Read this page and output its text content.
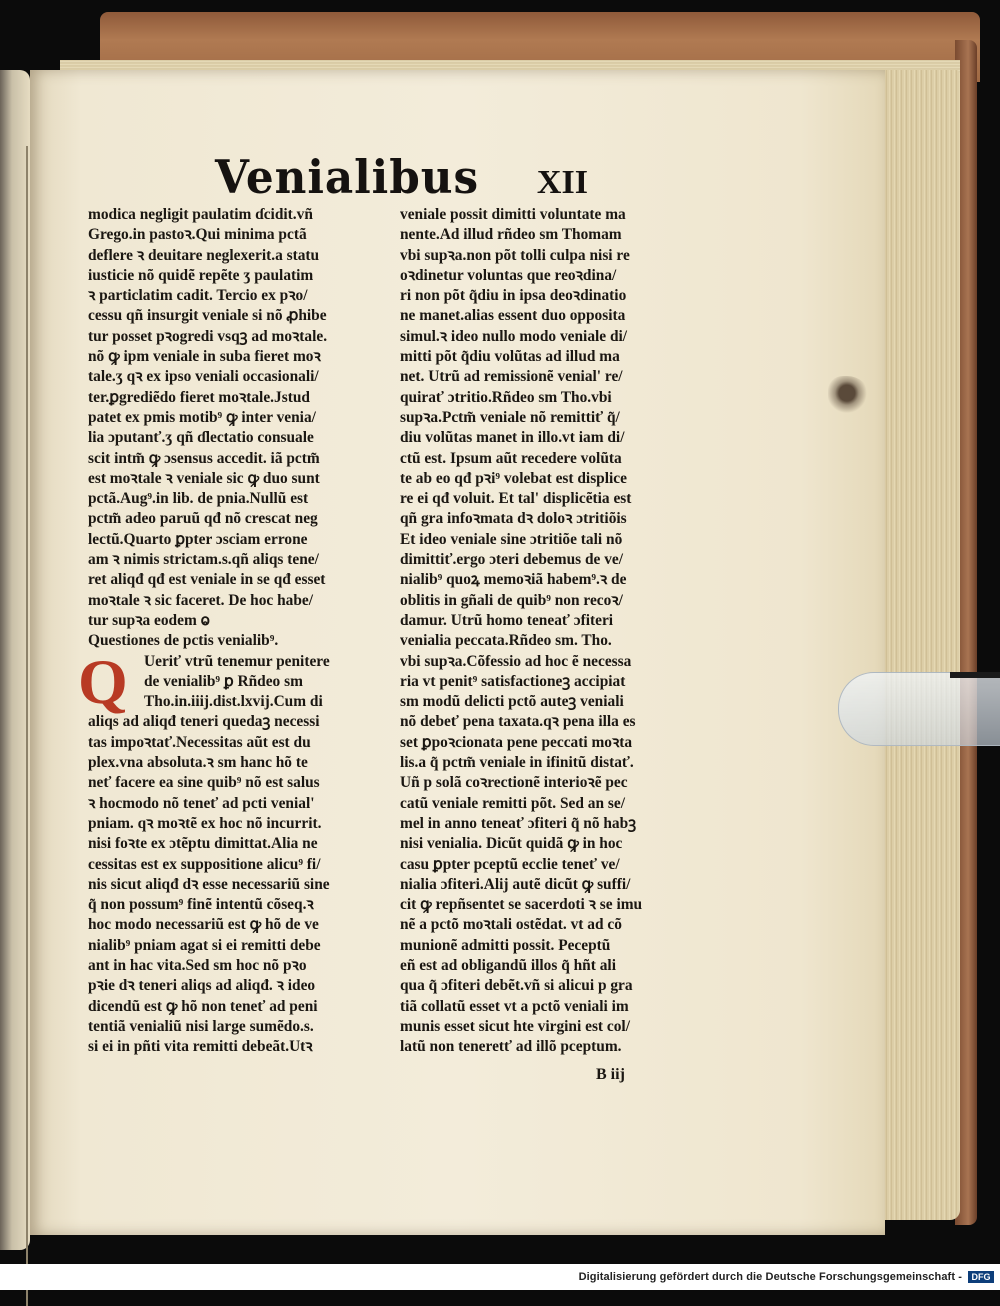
Venialibus XII
Q
modica negligit paulatim ɗcidit.vñ
Grego.in pastoꝛ.Qui minima pctã
deflere ꝛ deuitare neglexerit.a statu
iusticie nõ quidẽ repẽte ʒ paulatim
ꝛ particlatim cadit. Tercio ex pꝛo/
cessu qñ insurgit veniale si nõ ꝓhibe
tur posset pꝛogredi vsqꝫ ad moꝛtale.
nõ ꝙ ipm veniale in suba fieret moꝛ
tale.ʒ qꝛ ex ipso veniali occasionali/
ter.ꝑgrediẽdo fieret moꝛtale.Jstud
patet ex pmis motib⁹ ꝙ inter venia/
lia ɔputanť.ʒ qñ ɗlectatio consuale
scit intm̃ ꝙ ɔsensus accedit. iã pctm̃
est moꝛtale ꝛ veniale sic ꝙ duo sunt
pctã.Aug⁹.in lib. de pnia.Nullũ est
pctm̃ adeo paruũ qđ nõ crescat neg
lectũ.Quarto ꝑpter ɔsciam errone
am ꝛ nimis strictam.s.qñ aliqs tene/
ret aliqđ qđ est veniale in se qđ esset
moꝛtale ꝛ sic faceret. De hoc habe/
tur supꝛa eodem ⱺ
Questiones de pctis venialib⁹.
Ueriť vtrũ tenemur penitere
de venialib⁹ ꝑ Rñdeo sm
Tho.in.iiij.dist.lxvij.Cum di
aliqs ad aliqđ teneri quedaꝫ necessi
tas impoꝛtať.Necessitas aũt est du
plex.vna absoluta.ꝛ sm hanc hõ te
neť facere ea sine quib⁹ nõ est salus
ꝛ hocmodo nõ teneť ad pcti venial'
pniam. qꝛ moꝛtẽ ex hoc nõ incurrit.
nisi foꝛte ex ɔtẽptu dimittat.Alia ne
cessitas est ex suppositione alicu⁹ fi/
nis sicut aliqđ dꝛ esse necessariũ sine
q̃ non possum⁹ finẽ intentũ cõseq.ꝛ
hoc modo necessariũ est ꝙ hõ de ve
nialib⁹ pniam agat si ei remitti debe
ant in hac vita.Sed sm hoc nõ pꝛo
pꝛie dꝛ teneri aliqs ad aliqđ. ꝛ ideo
dicendũ est ꝙ hõ non teneť ad peni
tentiã venialiũ nisi large sumẽdo.s.
si ei in pñti vita remitti debeãt.Utꝛ
veniale possit dimitti voluntate ma
nente.Ad illud rñdeo sm Thomam
vbi supꝛa.non põt tolli culpa nisi re
oꝛdinetur voluntas que reoꝛdina/
ri non põt q̃diu in ipsa deoꝛdinatio
ne manet.alias essent duo opposita
simul.ꝛ ideo nullo modo veniale di/
mitti põt q̃diu volũtas ad illud ma
net. Utrũ ad remissionẽ venial' re/
quirať ɔtritio.Rñdeo sm Tho.vbi
supꝛa.Pctm̃ veniale nõ remittiť q̃/
diu volũtas manet in illo.vt iam di/
ctũ est. Ipsum aũt recedere volũta
te ab eo qđ pꝛi⁹ volebat est displice
re ei qđ voluit. Et tal' displicẽtia est
qñ gra infoꝛmata dꝛ doloꝛ ɔtritiõis
Et ideo veniale sine ɔtritiõe tali nõ
dimittiť.ergo ɔteri debemus de ve/
nialib⁹ quoꝝ memoꝛiã habem⁹.ꝛ de
oblitis in gñali de quib⁹ non recoꝛ/
damur. Utrũ homo teneať ɔfiteri
venialia peccata.Rñdeo sm. Tho.
vbi supꝛa.Cõfessio ad hoc ẽ necessa
ria vt penit⁹ satisfactioneꝫ accipiat
sm modũ delicti pctõ auteꝫ veniali
nõ debeť pena taxata.qꝛ pena illa es
set ꝑpoꝛcionata pene peccati moꝛta
lis.a q̃ pctm̃ veniale in ifinitũ distať.
Uñ p solã coꝛrectionẽ interioꝛẽ pec
catũ veniale remitti põt. Sed an se/
mel in anno teneať ɔfiteri q̃ nõ habꝫ
nisi venialia. Dicũt quidã ꝙ in hoc
casu ꝑpter pceptũ ecclie teneť ve/
nialia ɔfiteri.Alij autẽ dicũt ꝙ suffi/
cit ꝙ repñsentet se sacerdoti ꝛ se imu
nẽ a pctõ moꝛtali ostẽdat. vt ad cõ
munionẽ admitti possit. Peceptũ
eñ est ad obligandũ illos q̃ hñt ali
qua q̃ ɔfiteri debẽt.vñ si alicui p gra
tiã collatũ esset vt a pctõ veniali im
munis esset sicut hte virgini est col/
latũ non teneretť ad illõ pceptum.
B iij
Digitalisierung gefördert durch die Deutsche Forschungsgemeinschaft -	DFG
